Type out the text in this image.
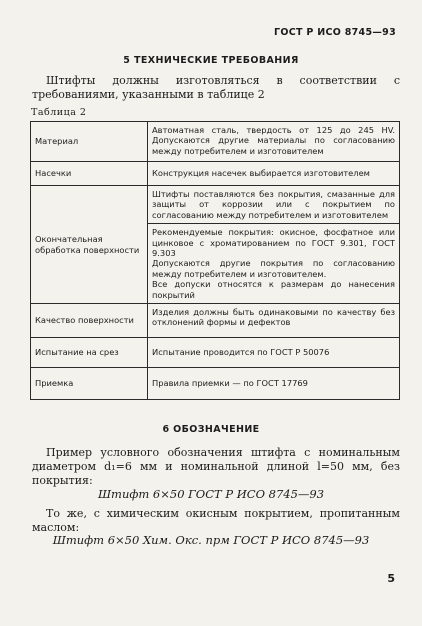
ГОСТ Р ИСО 8745—93
5 ТЕХНИЧЕСКИЕ ТРЕБОВАНИЯ
Штифты должны изготовляться в соответствии с требованиями, указанными в таблице 2
Таблица 2
Материал	Автоматная сталь, твердость от 125 до 245 HV. Допускаются другие материалы по согласованию между потребителем и изготовителем

Насечки	Конструкция насечек выбирается изготовителем

Окончательная обработка поверхности	Штифты поставляются без покрытия, смазанные для защиты от коррозии или с покрытием по согласованию между потребителем и изготовителем
Рекомендуемые покрытия: окисное, фосфатное или цинковое с хроматированием по ГОСТ 9.301, ГОСТ 9.303
Допускаются другие покрытия по согласованию между потребителем и изготовителем.
Все допуски относятся к размерам до нанесения покрытий

Качество поверхности	Изделия должны быть одинаковыми по качеству без отклонений формы и дефектов

Испытание на срез	Испытание проводится по ГОСТ Р 50076

Приемка	Правила приемки — по ГОСТ 17769
6 ОБОЗНАЧЕНИЕ
Пример условного обозначения штифта с номинальным диаметром d₁=6 мм и номинальной длиной l=50 мм, без покрытия:
Штифт 6×50 ГОСТ Р ИСО 8745—93
То же, с химическим окисным покрытием, пропитанным маслом:
Штифт 6×50 Хим. Окс. прм ГОСТ Р ИСО 8745—93
5
